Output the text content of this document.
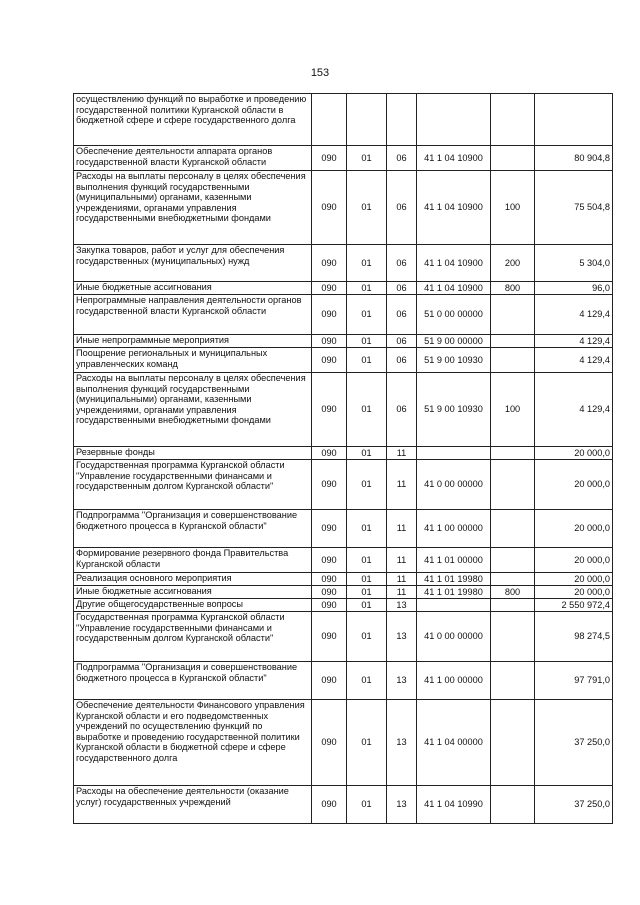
153
осуществлению функций по выработке и проведению государственной политики Курганской области в бюджетной сфере и сфере государственного долга						
Обеспечение деятельности аппарата органов государственной власти Курганской области	090	01	06	41 1 04 10900		80 904,8
Расходы на выплаты персоналу в целях обеспечения выполнения функций государственными (муниципальными) органами, казенными учреждениями, органами управления государственными внебюджетными фондами	090	01	06	41 1 04 10900	100	75 504,8
Закупка товаров, работ и услуг для обеспечения государственных (муниципальных) нужд	090	01	06	41 1 04 10900	200	5 304,0
Иные бюджетные ассигнования	090	01	06	41 1 04 10900	800	96,0
Непрограммные направления деятельности органов государственной власти Курганской области	090	01	06	51 0 00 00000		4 129,4
Иные непрограммные мероприятия	090	01	06	51 9 00 00000		4 129,4
Поощрение региональных и муниципальных управленческих команд	090	01	06	51 9 00 10930		4 129,4
Расходы на выплаты персоналу в целях обеспечения выполнения функций государственными (муниципальными) органами, казенными учреждениями, органами управления государственными внебюджетными фондами	090	01	06	51 9 00 10930	100	4 129,4
Резервные фонды	090	01	11			20 000,0
Государственная программа Курганской области "Управление государственными финансами и государственным долгом Курганской области"	090	01	11	41 0 00 00000		20 000,0
Подпрограмма "Организация и совершенствование бюджетного процесса в Курганской области"	090	01	11	41 1 00 00000		20 000,0
Формирование резервного фонда Правительства Курганской области	090	01	11	41 1 01 00000		20 000,0
Реализация основного мероприятия	090	01	11	41 1 01 19980		20 000,0
Иные бюджетные ассигнования	090	01	11	41 1 01 19980	800	20 000,0
Другие общегосударственные вопросы	090	01	13			2 550 972,4
Государственная программа Курганской области "Управление государственными финансами и государственным долгом Курганской области"	090	01	13	41 0 00 00000		98 274,5
Подпрограмма "Организация и совершенствование бюджетного процесса в Курганской области"	090	01	13	41 1 00 00000		97 791,0
Обеспечение деятельности Финансового управления Курганской области и его подведомственных учреждений по осуществлению функций по выработке и проведению государственной политики Курганской области в бюджетной сфере и сфере государственного долга	090	01	13	41 1 04 00000		37 250,0
Расходы на обеспечение деятельности (оказание услуг) государственных учреждений	090	01	13	41 1 04 10990		37 250,0
